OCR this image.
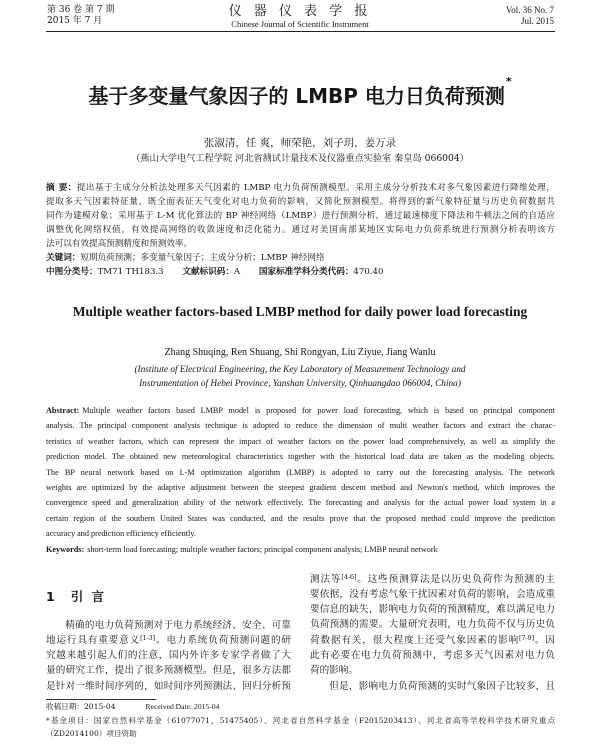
第 36 卷 第 7 期
2015 年 7 月
仪 器 仪 表 学 报
Chinese Journal of Scientific Instrument
Vol. 36 No. 7
Jul. 2015
基于多变量气象因子的 LMBP 电力日负荷预测*
张淑清，任 爽，师荣艳，刘子玥，姜万录
（燕山大学电气工程学院 河北省测试计量技术及仪器重点实验室 秦皇岛 066004）
摘 要：提出基于主成分分析法处理多天气因素的 LMBP 电力负荷预测模型。采用主成分分析技术对多气象因素进行降维处理，
提取多天气因素特征量，既全面表征天气变化对电力负荷的影响，又简化预测模型。将得到的新气象特征量与历史负荷数据共
同作为建模对象；采用基于 L-M 优化算法的 BP 神经网络（LMBP）进行预测分析，通过最速梯度下降法和牛顿法之间的自适应
调整优化网络权值，有效提高网络的收敛速度和泛化能力。通过对美国南部某地区实际电力负荷系统进行预测分析表明该方
法可以有效提高预测精度和预测效率。
关键词：短期负荷预测；多变量气象因子；主成分分析；LMBP 神经网络
中图分类号：TM71 TH183.3 文献标识码：A 国家标准学科分类代码：470.40
Multiple weather factors-based LMBP method for daily power load forecasting
Zhang Shuqing, Ren Shuang, Shi Rongyan, Liu Ziyue, Jiang Wanlu
(Institute of Electrical Engineering, the Key Laboratory of Measurement Technology and
Instrumentation of Hebei Province, Yanshan University, Qinhuangdao 066004, China)
Abstract: Multiple weather factors based LMBP model is proposed for power load forecasting, which is based on principal component
analysis. The principal component analysis technique is adopted to reduce the dimension of multi weather factors and extract the charac-
teristics of weather factors, which can represent the impact of weather factors on the power load comprehensively, as well as simplify the
prediction model. The obtained new meteorological characteristics together with the historical load data are taken as the modeling objects.
The BP neural network based on L-M optimization algorithm (LMBP) is adopted to carry out the forecasting analysis. The network
weights are optimized by the adaptive adjustment between the steepest gradient descent method and Newton's method, which improves the
convergence speed and generalization ability of the network effectively. The forecasting and analysis for the actual power load system in a
certain region of the southern United States was conducted, and the results prove that the proposed method could improve the prediction
accuracy and prediction efficiency efficiently.
Keywords: short-term load forecasting; multiple weather factors; principal component analysis; LMBP neural network
1 引 言
精确的电力负荷预测对于电力系统经济、安全、可靠
地运行具有重要意义[1-3]。电力系统负荷预测问题的研
究越来越引起人们的注意，国内外许多专家学者做了大
量的研究工作，提出了很多预测模型。但是，很多方法都
是针对一维时间序列的，如时间序列预测法、回归分析预
测法等[4-6]。这些预测算法是以历史负荷作为预测的主
要依据，没有考虑气象干扰因素对负荷的影响，会造成重
要信息的缺失，影响电力负荷的预测精度，难以满足电力
负荷预测的需要。大量研究表明，电力负荷不仅与历史负
荷数据有关，很大程度上还受气象因素的影响[7-9]。因
此有必要在电力负荷预测中，考虑多天气因素对电力负
荷的影响。
但是，影响电力负荷预测的实时气象因子比较多，且
收稿日期：2015-04	Received Date: 2015-04
*基金项目：国家自然科学基金（61077071，51475405）、河北省自然科学基金（F2015203413）、河北省高等学校科学技术研究重点
（ZD2014100）项目资助
